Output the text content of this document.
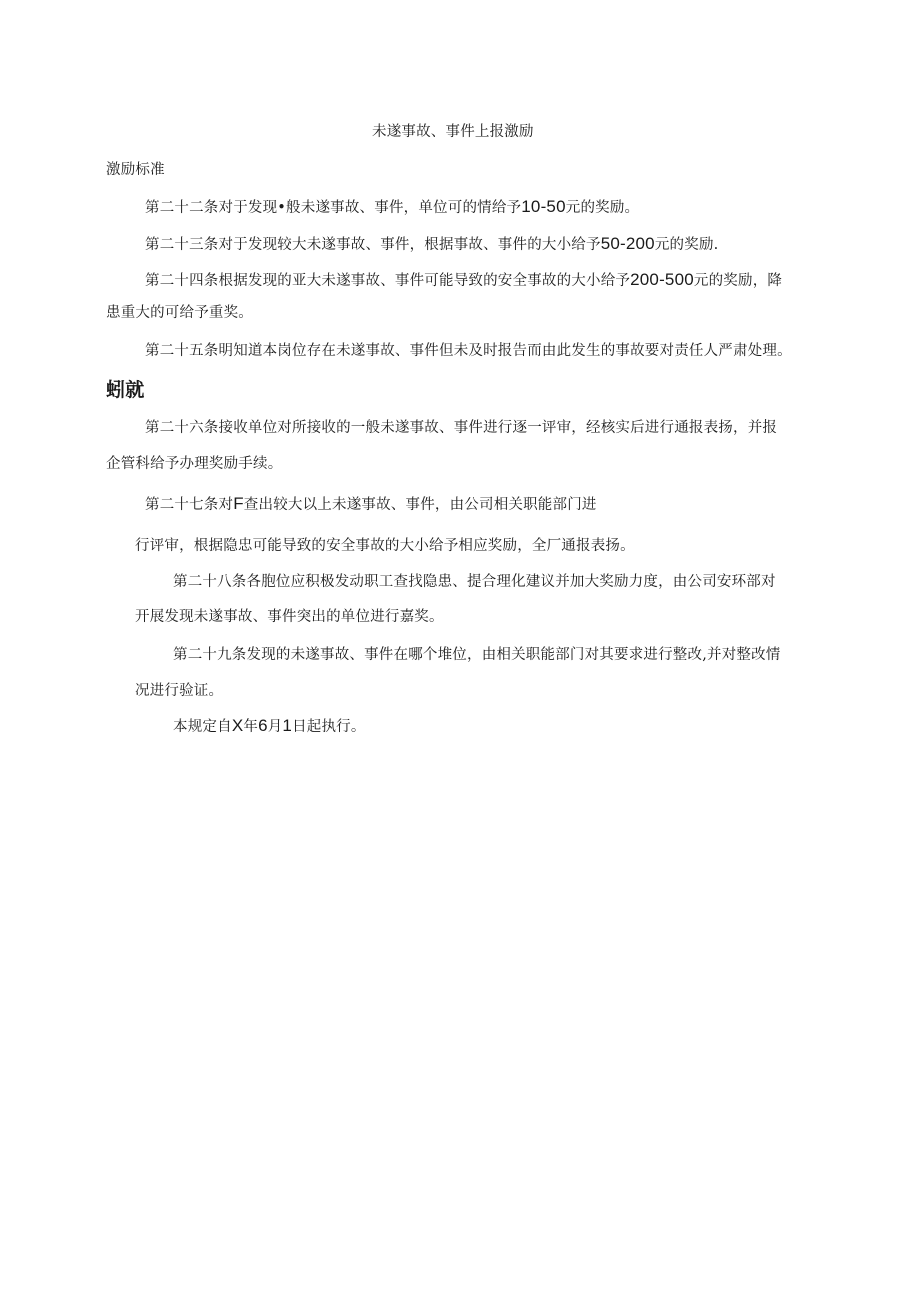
未遂事故、事件上报激励
激励标准
第二十二条对于发现•般未遂事故、事件，单位可的情给予10-50元的奖励。
第二十三条对于发现较大未遂事故、事件，根据事故、事件的大小给予50-200元的奖励.
第二十四条根据发现的亚大未遂事故、事件可能导致的安全事故的大小给予200-500元的奖励，降
患重大的可给予重奖。
第二十五条明知道本岗位存在未遂事故、事件但未及时报告而由此发生的事故要对责任人严肃处理。
蚓就
第二十六条接收单位对所接收的一般未遂事故、事件进行逐一评审，经核实后进行通报表扬，并报
企管科给予办理奖励手续。
第二十七条对F查出较大以上未遂事故、事件，由公司相关职能部门进
行评审，根据隐忠可能导致的安全事故的大小给予相应奖励，全厂通报表扬。
第二十八条各胞位应积极发动职工查找隐患、提合理化建议并加大奖励力度，由公司安环部对
开展发现未遂事故、事件突出的单位进行嘉奖。
第二十九条发现的未遂事故、事件在哪个堆位，由相关职能部门对其要求进行整改,并对整改情
况进行验证。
本规定自X年6月1日起执行。
